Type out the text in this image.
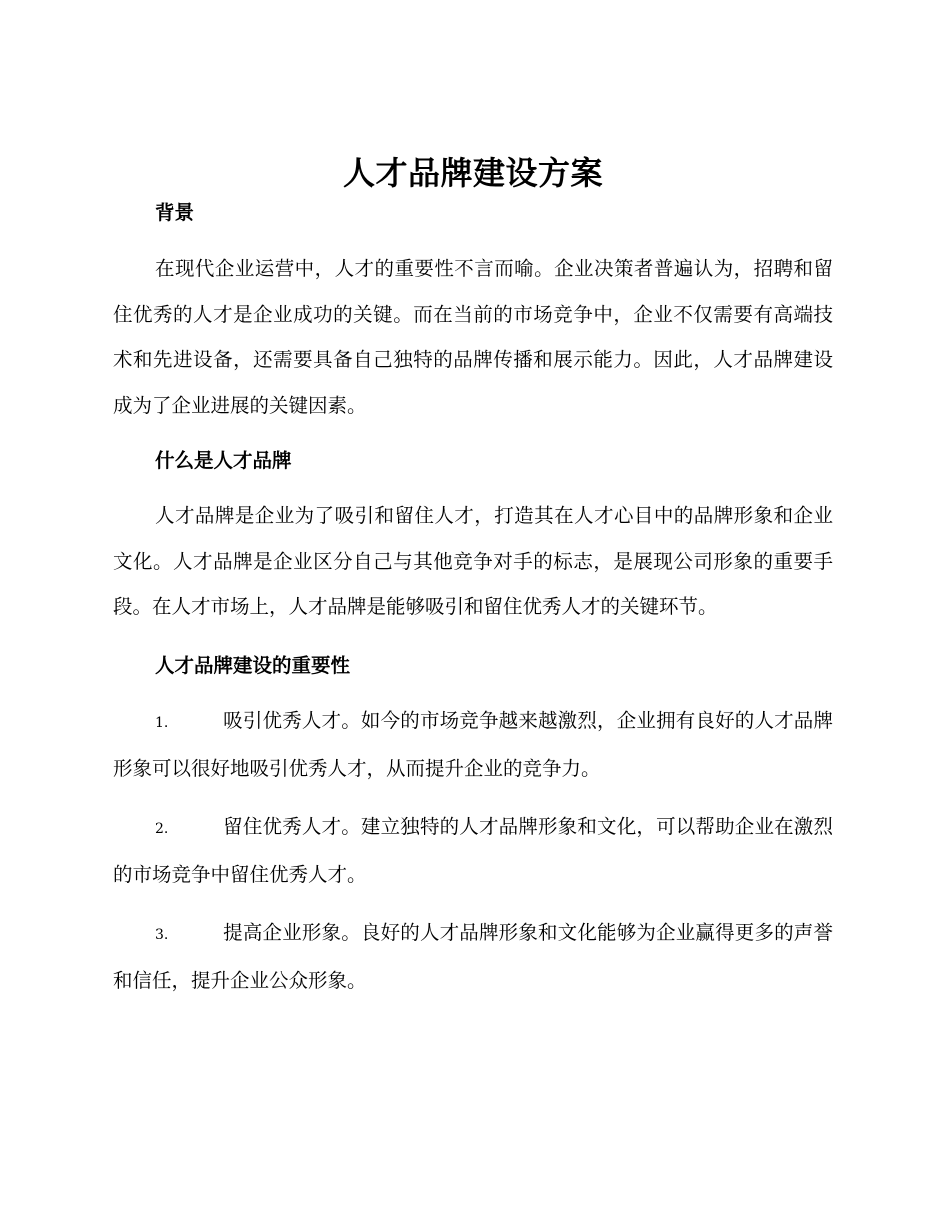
人才品牌建设方案
背景

在现代企业运营中，人才的重要性不言而喻。企业决策者普遍认为，招聘和留住优秀的人才是企业成功的关键。而在当前的市场竞争中，企业不仅需要有高端技术和先进设备，还需要具备自己独特的品牌传播和展示能力。因此，人才品牌建设成为了企业进展的关键因素。

什么是人才品牌

人才品牌是企业为了吸引和留住人才，打造其在人才心目中的品牌形象和企业文化。人才品牌是企业区分自己与其他竞争对手的标志，是展现公司形象的重要手段。在人才市场上，人才品牌是能够吸引和留住优秀人才的关键环节。

人才品牌建设的重要性

1.	吸引优秀人才。如今的市场竞争越来越激烈，企业拥有良好的人才品牌形象可以很好地吸引优秀人才，从而提升企业的竞争力。

2.	留住优秀人才。建立独特的人才品牌形象和文化，可以帮助企业在激烈的市场竞争中留住优秀人才。

3.	提高企业形象。良好的人才品牌形象和文化能够为企业赢得更多的声誉和信任，提升企业公众形象。
